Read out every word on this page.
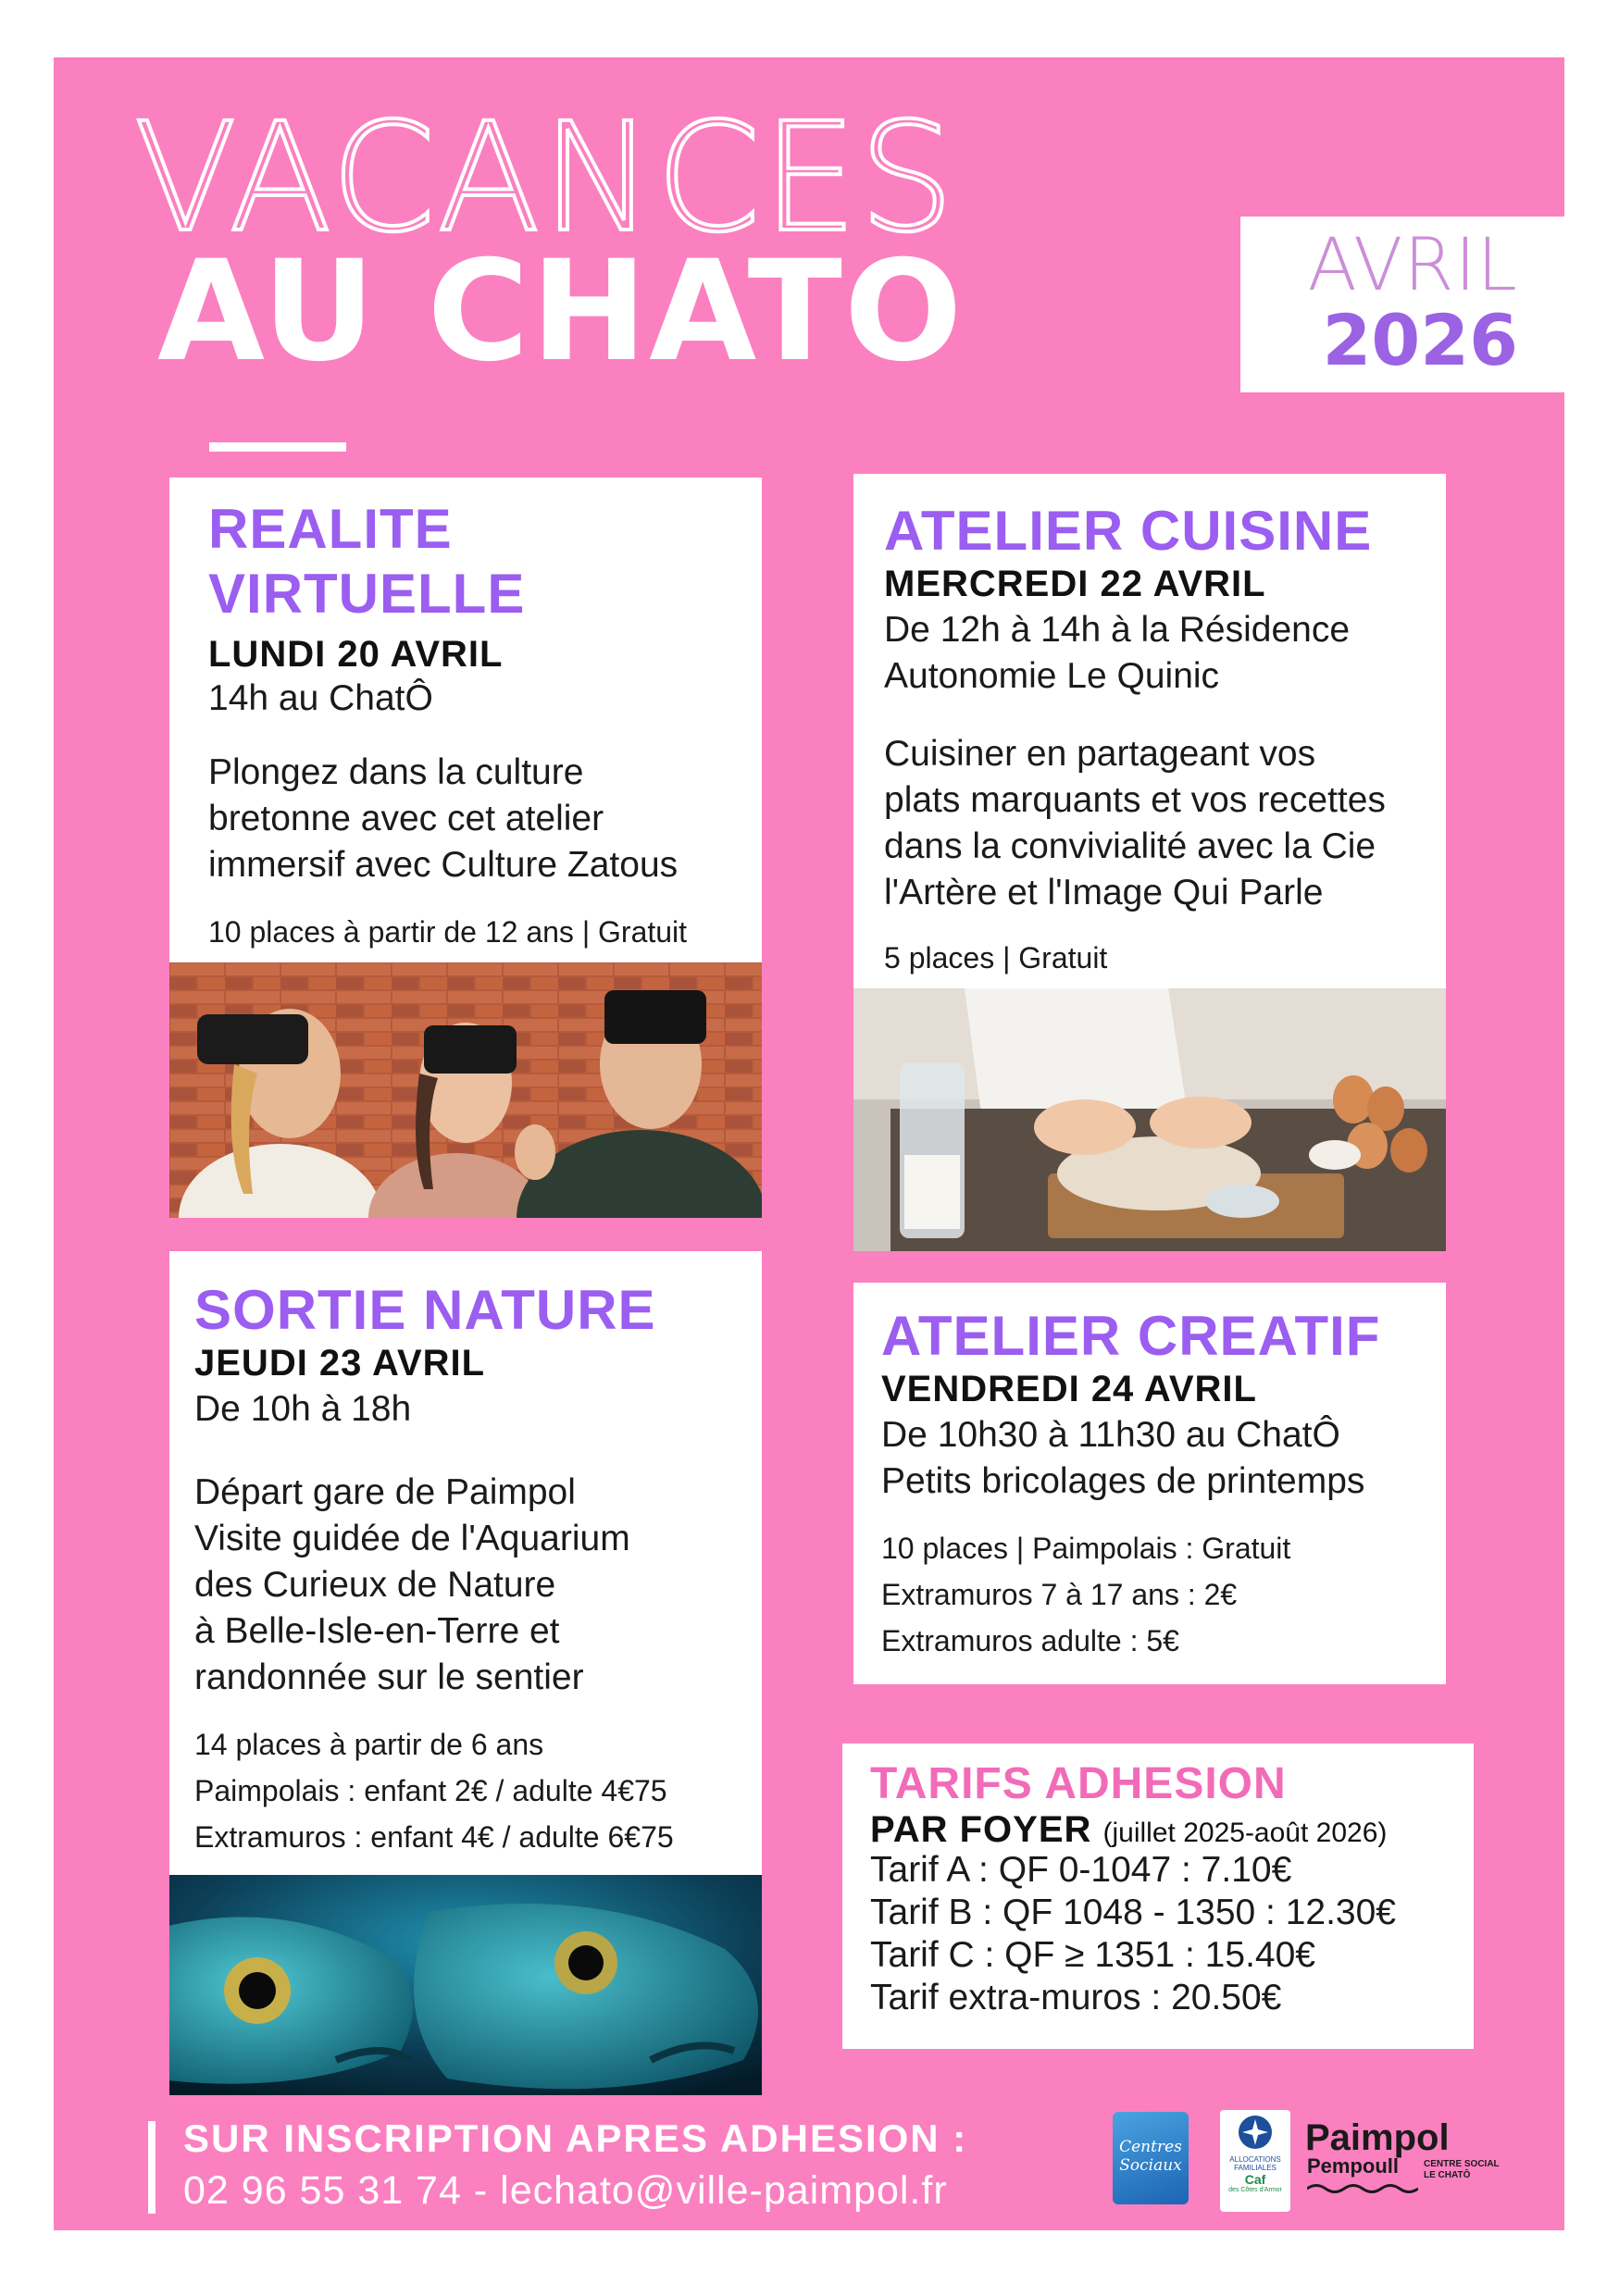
VACANCES
AU CHATO	AVRIL
2026
REALITE
VIRTUELLE
LUNDI 20 AVRIL
14h au ChatÔ
Plongez dans la culture
bretonne avec cet atelier
immersif avec Culture Zatous
10 places à partir de 12 ans | Gratuit
ATELIER CUISINE
MERCREDI 22 AVRIL
De 12h à 14h à la Résidence
Autonomie Le Quinic
Cuisiner en partageant vos
plats marquants et vos recettes
dans la convivialité avec la Cie
l'Artère et l'Image Qui Parle
5 places | Gratuit
SORTIE NATURE
JEUDI 23 AVRIL
De 10h à 18h
Départ gare de Paimpol
Visite guidée de l'Aquarium
des Curieux de Nature
à Belle-Isle-en-Terre et
randonnée sur le sentier
14 places à partir de 6 ans
Paimpolais : enfant 2€ / adulte 4€75
Extramuros : enfant 4€ / adulte 6€75
ATELIER CREATIF
VENDREDI 24 AVRIL
De 10h30 à 11h30 au ChatÔ
Petits bricolages de printemps
10 places | Paimpolais : Gratuit
Extramuros 7 à 17 ans : 2€
Extramuros adulte : 5€
TARIFS ADHESION
PAR FOYER (juillet 2025-août 2026)
Tarif A : QF 0-1047 : 7.10€
Tarif B : QF 1048 - 1350 : 12.30€
Tarif C : QF ≥ 1351 : 15.40€
Tarif extra-muros : 20.50€
SUR INSCRIPTION APRES ADHESION :
02 96 55 31 74 - lechato@ville-paimpol.fr
Centres Sociaux	ALLOCATIONS
FAMILIALES
Caf
des Côtes d'Armor
Paimpol
Pempoull	CENTRE SOCIAL
LE CHATÔ
